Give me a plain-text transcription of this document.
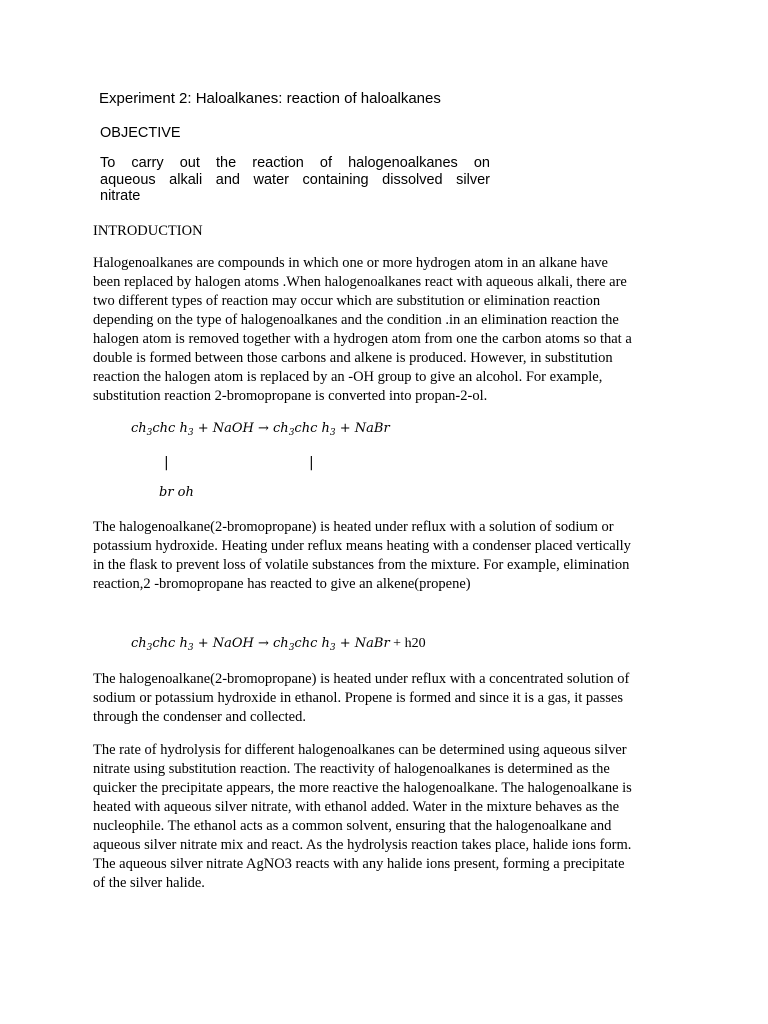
Experiment 2: Haloalkanes: reaction of haloalkanes
OBJECTIVE
To carry out the reaction of halogenoalkanes on
aqueous alkali and water containing dissolved silver
nitrate
INTRODUCTION
Halogenoalkanes are compounds in which one or more hydrogen atom in an alkane have
been replaced by halogen atoms .When halogenoalkanes react with aqueous alkali, there are
two different types of reaction may occur which are substitution or elimination reaction
depending on the type of halogenoalkanes and the condition .in an elimination reaction the
halogen atom is removed together with a hydrogen atom from one the carbon atoms so that a
double is formed between those carbons and alkene is produced. However, in substitution
reaction the halogen atom is replaced by an -OH group to give an alcohol. For example,
substitution reaction 2-bromopropane is converted into propan-2-ol.
$ch_3chc$ $h_3$ + NaOH → $ch_3chc$ $h_3$ + NaBr
|	|
br oh
The halogenoalkane(2-bromopropane) is heated under reflux with a solution of sodium or
potassium hydroxide. Heating under reflux means heating with a condenser placed vertically
in the flask to prevent loss of volatile substances from the mixture. For example, elimination
reaction,2 -bromopropane has reacted to give an alkene(propene)
$ch_3chc$ $h_3$ + NaOH → $ch_3chc$ $h_3$ + NaBr + h20
The halogenoalkane(2-bromopropane) is heated under reflux with a concentrated solution of
sodium or potassium hydroxide in ethanol. Propene is formed and since it is a gas, it passes
through the condenser and collected.
The rate of hydrolysis for different halogenoalkanes can be determined using aqueous silver
nitrate using substitution reaction. The reactivity of halogenoalkanes is determined as the
quicker the precipitate appears, the more reactive the halogenoalkane. The halogenoalkane is
heated with aqueous silver nitrate, with ethanol added. Water in the mixture behaves as the
nucleophile. The ethanol acts as a common solvent, ensuring that the halogenoalkane and
aqueous silver nitrate mix and react. As the hydrolysis reaction takes place, halide ions form.
The aqueous silver nitrate AgNO3 reacts with any halide ions present, forming a precipitate
of the silver halide.
